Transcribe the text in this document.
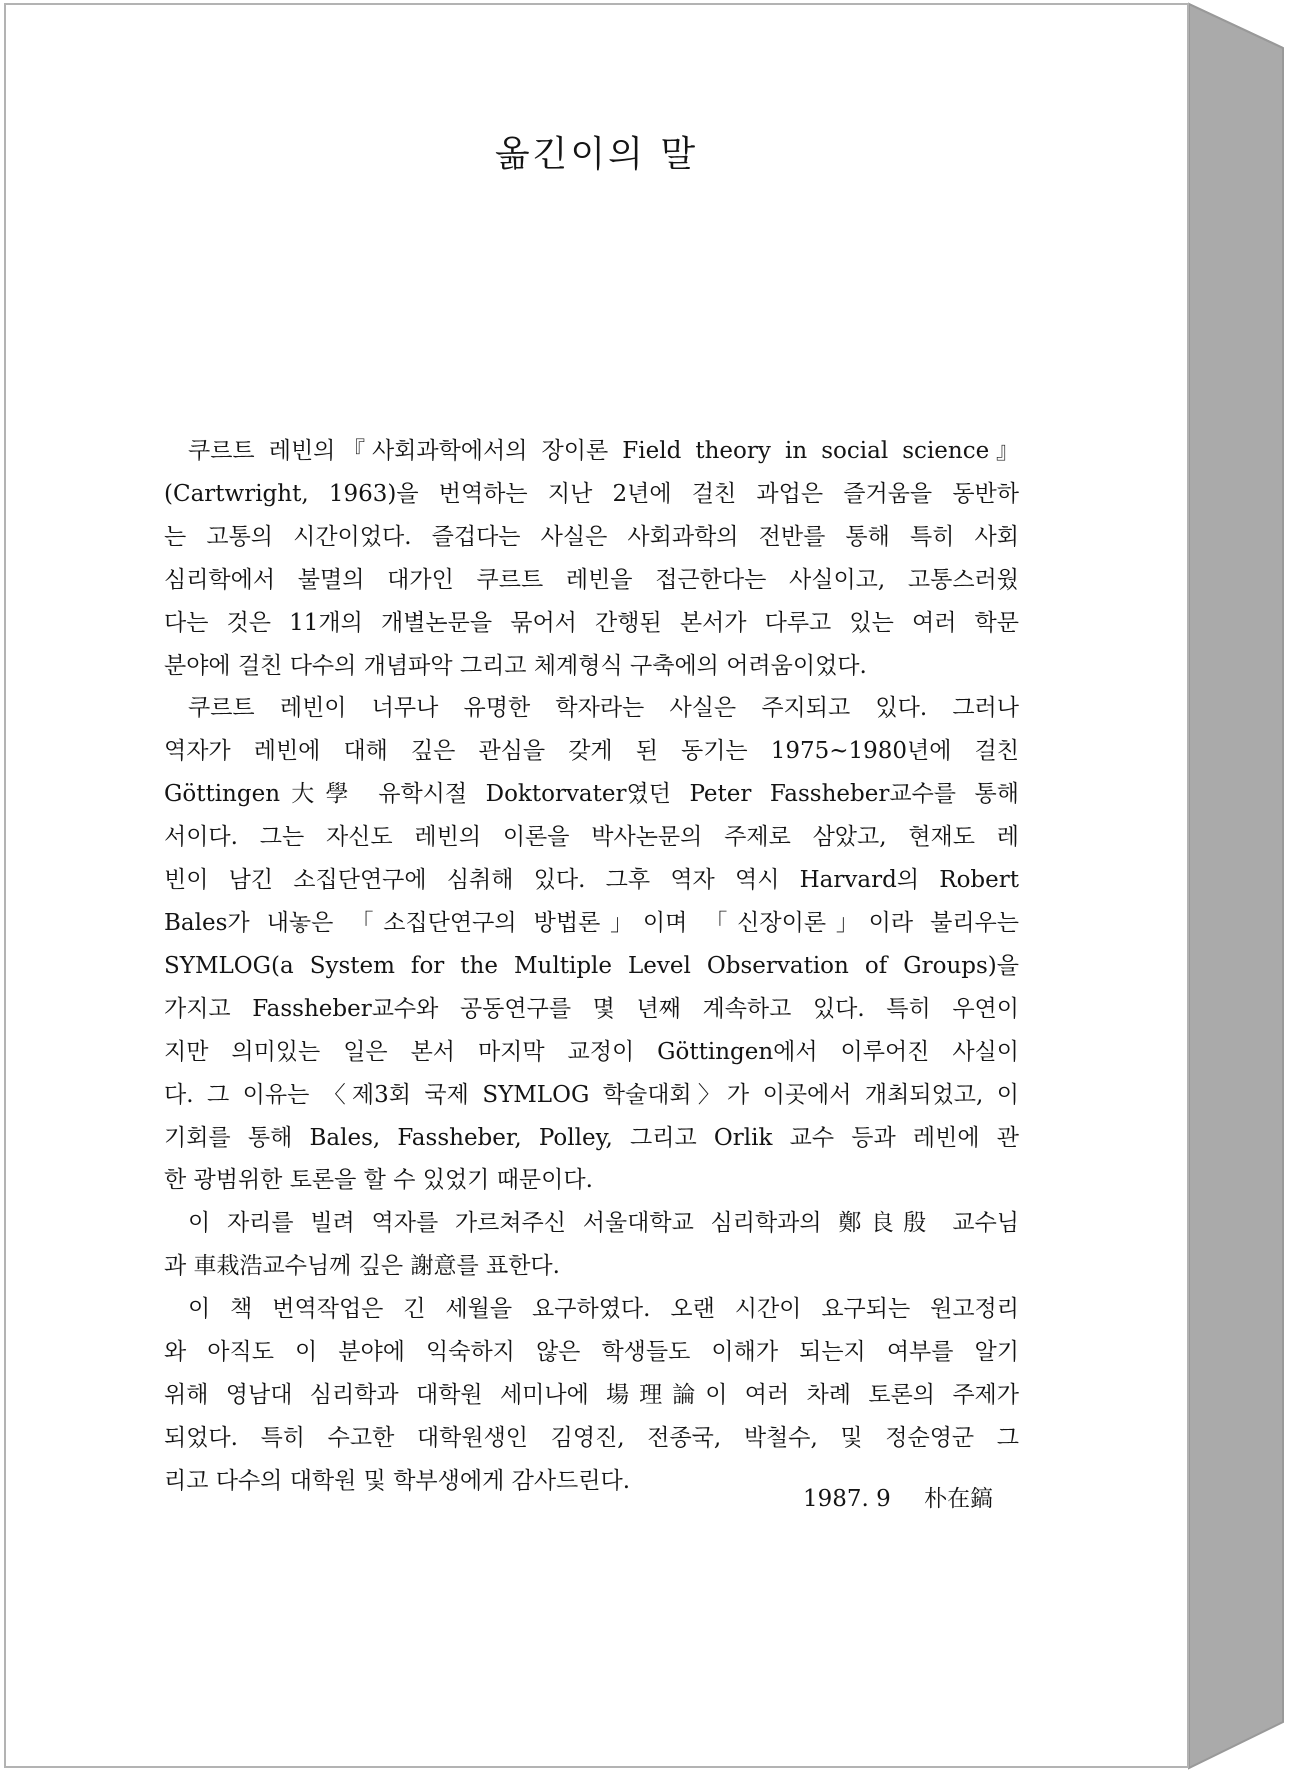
옮긴이의 말

쿠르트 레빈의『사회과학에서의 장이론 Field theory in social science』
(Cartwright, 1963)을 번역하는 지난 2년에 걸친 과업은 즐거움을 동반하
는 고통의 시간이었다. 즐겁다는 사실은 사회과학의 전반를 통해 특히 사회
심리학에서 불멸의 대가인 쿠르트 레빈을 접근한다는 사실이고, 고통스러웠
다는 것은 11개의 개별논문을 묶어서 간행된 본서가 다루고 있는 여러 학문
분야에 걸친 다수의 개념파악 그리고 체계형식 구축에의 어려움이었다.

쿠르트 레빈이 너무나 유명한 학자라는 사실은 주지되고 있다. 그러나
역자가 레빈에 대해 깊은 관심을 갖게 된 동기는 1975~1980년에 걸친
Göttingen大學 유학시절 Doktorvater였던 Peter Fassheber교수를 통해
서이다. 그는 자신도 레빈의 이론을 박사논문의 주제로 삼았고, 현재도 레
빈이 남긴 소집단연구에 심취해 있다. 그후 역자 역시 Harvard의 Robert
Bales가 내놓은 「소집단연구의 방법론」이며 「신장이론」이라 불리우는
SYMLOG(a System for the Multiple Level Observation of Groups)을
가지고 Fassheber교수와 공동연구를 몇 년째 계속하고 있다. 특히 우연이
지만 의미있는 일은 본서 마지막 교정이 Göttingen에서 이루어진 사실이
다. 그 이유는 〈제3회 국제 SYMLOG 학술대회〉가 이곳에서 개최되었고, 이
기회를 통해 Bales, Fassheber, Polley, 그리고 Orlik 교수 등과 레빈에 관
한 광범위한 토론을 할 수 있었기 때문이다.

이 자리를 빌려 역자를 가르쳐주신 서울대학교 심리학과의 鄭良殷 교수님
과 車栽浩교수님께 깊은 謝意를 표한다.

이 책 번역작업은 긴 세월을 요구하였다. 오랜 시간이 요구되는 원고정리
와 아직도 이 분야에 익숙하지 않은 학생들도 이해가 되는지 여부를 알기
위해 영남대 심리학과 대학원 세미나에 場理論이 여러 차례 토론의 주제가
되었다. 특히 수고한 대학원생인 김영진, 전종국, 박철수, 및 정순영군 그
리고 다수의 대학원 및 학부생에게 감사드린다.

1987. 9 朴在鎬
